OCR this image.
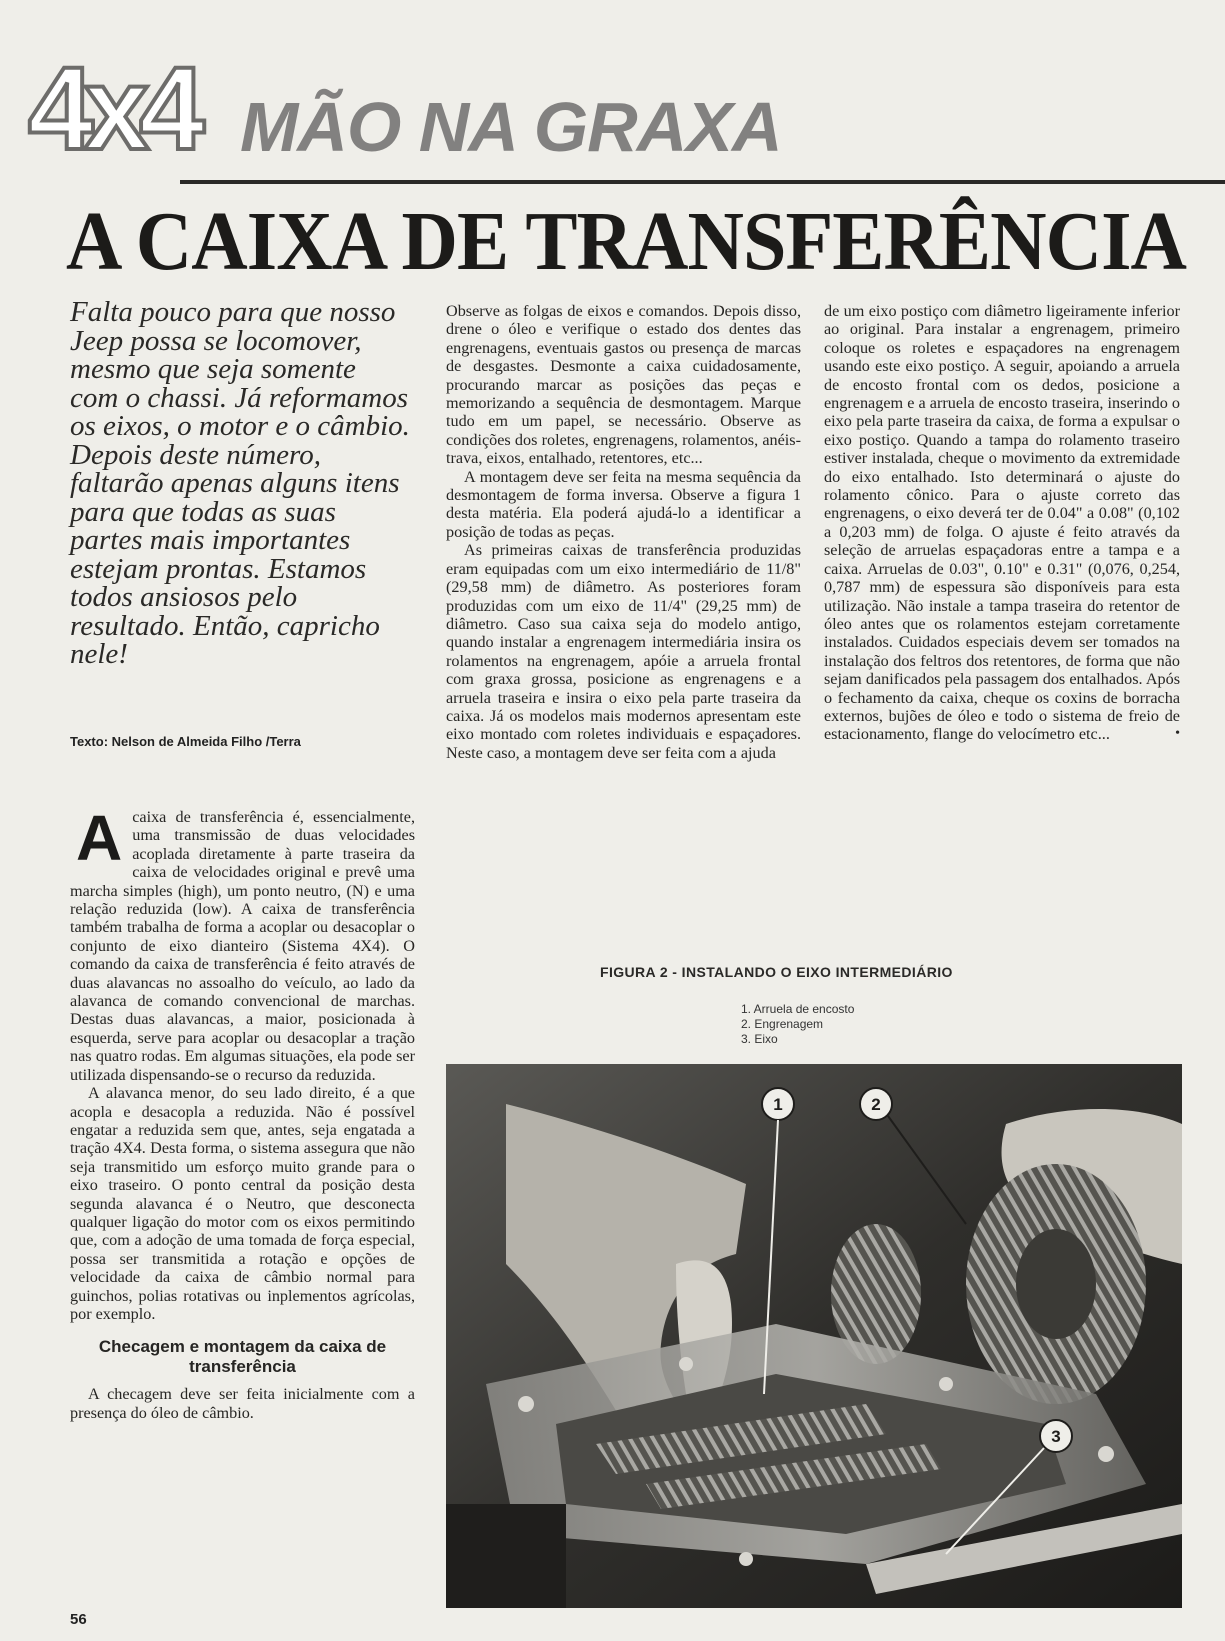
4x4 MÃO NA GRAXA
A CAIXA DE TRANSFERÊNCIA
Falta pouco para que nosso Jeep possa se locomover, mesmo que seja somente com o chassi. Já reformamos os eixos, o motor e o câmbio. Depois deste número, faltarão apenas alguns itens para que todas as suas partes mais importantes estejam prontas. Estamos todos ansiosos pelo resultado. Então, capricho nele!
Texto: Nelson de Almeida Filho /Terra

Acaixa de transferência é, essencialmente, uma transmissão de duas velocidades acoplada diretamente à parte traseira da caixa de velocidades original e prevê uma marcha simples (high), um ponto neutro, (N) e uma relação reduzida (low). A caixa de transferência também trabalha de forma a acoplar ou desacoplar o conjunto de eixo dianteiro (Sistema 4X4). O comando da caixa de transferência é feito através de duas alavancas no assoalho do veículo, ao lado da alavanca de comando convencional de marchas. Destas duas alavancas, a maior, posicionada à esquerda, serve para acoplar ou desacoplar a tração nas quatro rodas. Em algumas situações, ela pode ser utilizada dispensando-se o recurso da reduzida.

A alavanca menor, do seu lado direito, é a que acopla e desacopla a reduzida. Não é possível engatar a reduzida sem que, antes, seja engatada a tração 4X4. Desta forma, o sistema assegura que não seja transmitido um esforço muito grande para o eixo traseiro. O ponto central da posição desta segunda alavanca é o Neutro, que desconecta qualquer ligação do motor com os eixos permitindo que, com a adoção de uma tomada de força especial, possa ser transmitida a rotação e opções de velocidade da caixa de câmbio normal para guinchos, polias rotativas ou inplementos agrícolas, por exemplo.

Checagem e montagem da caixa de transferência

A checagem deve ser feita inicialmente com a presença do óleo de câmbio.

Observe as folgas de eixos e comandos. Depois disso, drene o óleo e verifique o estado dos dentes das engrenagens, eventuais gastos ou presença de marcas de desgastes. Desmonte a caixa cuidadosamente, procurando marcar as posições das peças e memorizando a sequência de desmontagem. Marque tudo em um papel, se necessário. Observe as condições dos roletes, engrenagens, rolamentos, anéis-trava, eixos, entalhado, retentores, etc...

A montagem deve ser feita na mesma sequência da desmontagem de forma inversa. Observe a figura 1 desta matéria. Ela poderá ajudá-lo a identificar a posição de todas as peças.

As primeiras caixas de transferência produzidas eram equipadas com um eixo intermediário de 11/8" (29,58 mm) de diâmetro. As posteriores foram produzidas com um eixo de 11/4" (29,25 mm) de diâmetro. Caso sua caixa seja do modelo antigo, quando instalar a engrenagem intermediária insira os rolamentos na engrenagem, apóie a arruela frontal com graxa grossa, posicione as engrenagens e a arruela traseira e insira o eixo pela parte traseira da caixa. Já os modelos mais modernos apresentam este eixo montado com roletes individuais e espaçadores. Neste caso, a montagem deve ser feita com a ajuda

de um eixo postiço com diâmetro ligeiramente inferior ao original. Para instalar a engrenagem, primeiro coloque os roletes e espaçadores na engrenagem usando este eixo postiço. A seguir, apoiando a arruela de encosto frontal com os dedos, posicione a engrenagem e a arruela de encosto traseira, inserindo o eixo pela parte traseira da caixa, de forma a expulsar o eixo postiço. Quando a tampa do rolamento traseiro estiver instalada, cheque o movimento da extremidade do eixo entalhado. Isto determinará o ajuste do rolamento cônico. Para o ajuste correto das engrenagens, o eixo deverá ter de 0.04" a 0.08" (0,102 a 0,203 mm) de folga. O ajuste é feito através da seleção de arruelas espaçadoras entre a tampa e a caixa. Arruelas de 0.03", 0.10" e 0.31" (0,076, 0,254, 0,787 mm) de espessura são disponíveis para esta utilização. Não instale a tampa traseira do retentor de óleo antes que os rolamentos estejam corretamente instalados. Cuidados especiais devem ser tomados na instalação dos feltros dos retentores, de forma que não sejam danificados pela passagem dos entalhados. Após o fechamento da caixa, cheque os coxins de borracha externos, bujões de óleo e todo o sistema de freio de estacionamento, flange do velocímetro etc...	•

FIGURA 2 - INSTALANDO O EIXO INTERMEDIÁRIO
1. Arruela de encosto
2. Engrenagem
3. Eixo
1	2
3
56
